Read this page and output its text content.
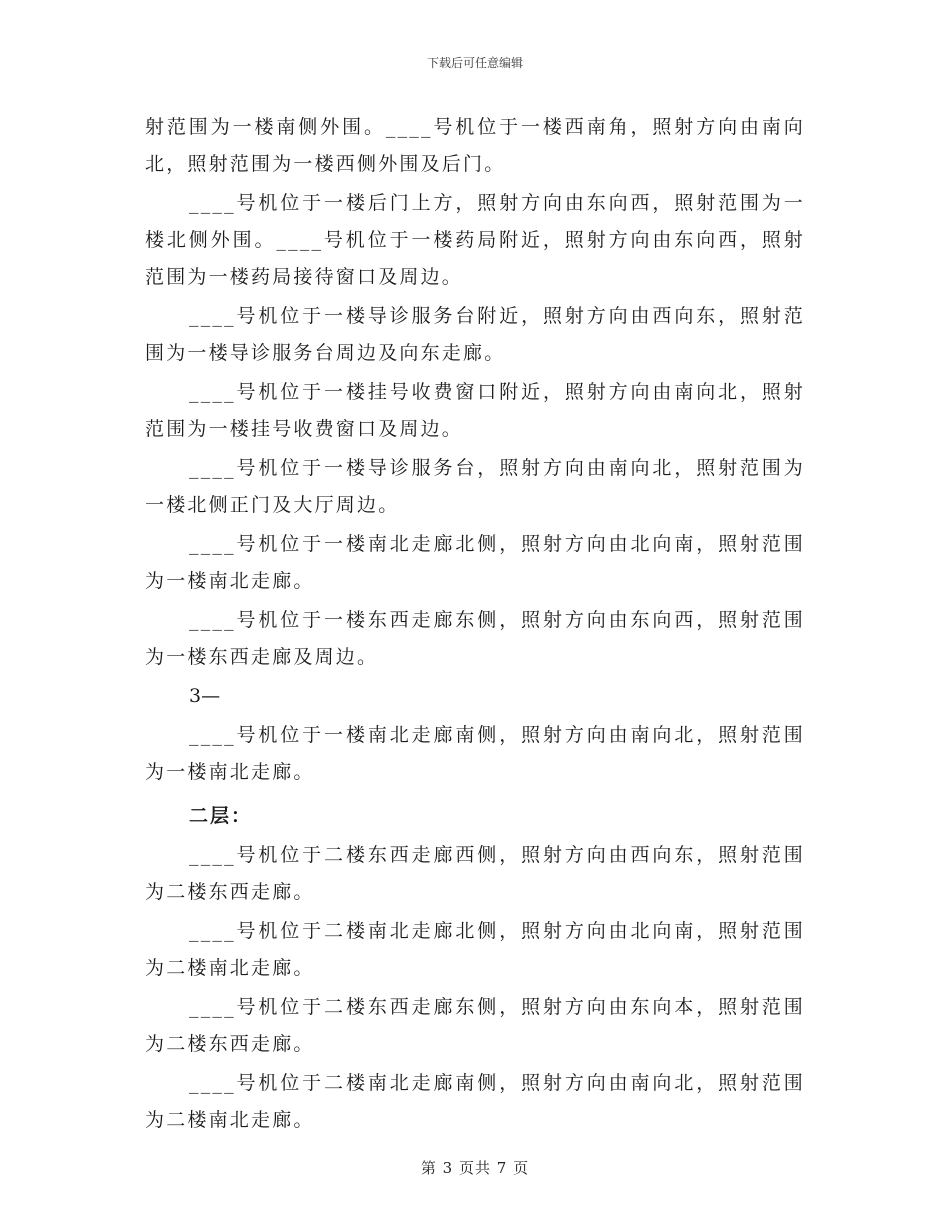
下载后可任意编辑

射范围为一楼南侧外围。____号机位于一楼西南角，照射方向由南向北，照射范围为一楼西侧外围及后门。

____号机位于一楼后门上方，照射方向由东向西，照射范围为一楼北侧外围。____号机位于一楼药局附近，照射方向由东向西，照射范围为一楼药局接待窗口及周边。

____号机位于一楼导诊服务台附近，照射方向由西向东，照射范围为一楼导诊服务台周边及向东走廊。

____号机位于一楼挂号收费窗口附近，照射方向由南向北，照射范围为一楼挂号收费窗口及周边。

____号机位于一楼导诊服务台，照射方向由南向北，照射范围为一楼北侧正门及大厅周边。

____号机位于一楼南北走廊北侧，照射方向由北向南，照射范围为一楼南北走廊。

____号机位于一楼东西走廊东侧，照射方向由东向西，照射范围为一楼东西走廊及周边。

3—

____号机位于一楼南北走廊南侧，照射方向由南向北，照射范围为一楼南北走廊。

二层：

____号机位于二楼东西走廊西侧，照射方向由西向东，照射范围为二楼东西走廊。

____号机位于二楼南北走廊北侧，照射方向由北向南，照射范围为二楼南北走廊。

____号机位于二楼东西走廊东侧，照射方向由东向本，照射范围为二楼东西走廊。

____号机位于二楼南北走廊南侧，照射方向由南向北，照射范围为二楼南北走廊。

第 3 页共 7 页
